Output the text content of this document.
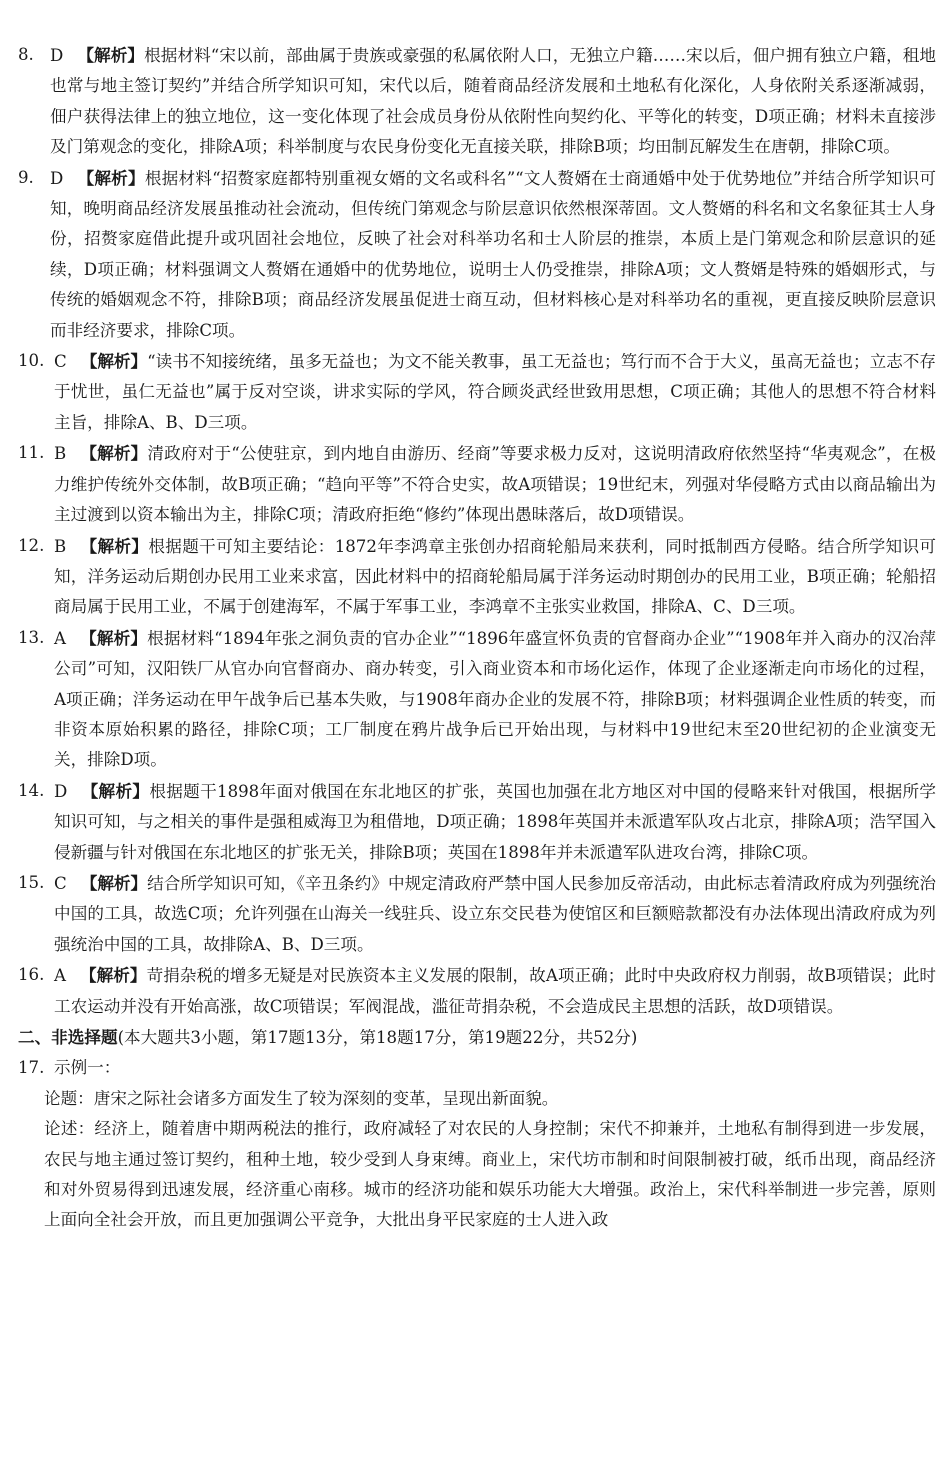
8. D 【解析】根据材料“宋以前，部曲属于贵族或豪强的私属依附人口，无独立户籍……宋以后，佃户拥有独立户籍，租地也常与地主签订契约”并结合所学知识可知，宋代以后，随着商品经济发展和土地私有化深化，人身依附关系逐渐减弱，佃户获得法律上的独立地位，这一变化体现了社会成员身份从依附性向契约化、平等化的转变，D项正确；材料未直接涉及门第观念的变化，排除A项；科举制度与农民身份变化无直接关联，排除B项；均田制瓦解发生在唐朝，排除C项。
9. D 【解析】根据材料“招赘家庭都特别重视女婿的文名或科名”“文人赘婿在士商通婚中处于优势地位”并结合所学知识可知，晚明商品经济发展虽推动社会流动，但传统门第观念与阶层意识依然根深蒂固。文人赘婿的科名和文名象征其士人身份，招赘家庭借此提升或巩固社会地位，反映了社会对科举功名和士人阶层的推崇，本质上是门第观念和阶层意识的延续，D项正确；材料强调文人赘婿在通婚中的优势地位，说明士人仍受推崇，排除A项；文人赘婿是特殊的婚姻形式，与传统的婚姻观念不符，排除B项；商品经济发展虽促进士商互动，但材料核心是对科举功名的重视，更直接反映阶层意识而非经济要求，排除C项。
10. C 【解析】“读书不知接统绪，虽多无益也；为文不能关教事，虽工无益也；笃行而不合于大义，虽高无益也；立志不存于忧世，虽仁无益也”属于反对空谈，讲求实际的学风，符合顾炎武经世致用思想，C项正确；其他人的思想不符合材料主旨，排除A、B、D三项。
11. B 【解析】清政府对于“公使驻京，到内地自由游历、经商”等要求极力反对，这说明清政府依然坚持“华夷观念”，在极力维护传统外交体制，故B项正确；“趋向平等”不符合史实，故A项错误；19世纪末，列强对华侵略方式由以商品输出为主过渡到以资本输出为主，排除C项；清政府拒绝“修约”体现出愚昧落后，故D项错误。
12. B 【解析】根据题干可知主要结论：1872年李鸿章主张创办招商轮船局来获利，同时抵制西方侵略。结合所学知识可知，洋务运动后期创办民用工业来求富，因此材料中的招商轮船局属于洋务运动时期创办的民用工业，B项正确；轮船招商局属于民用工业，不属于创建海军，不属于军事工业，李鸿章不主张实业救国，排除A、C、D三项。
13. A 【解析】根据材料“1894年张之洞负责的官办企业”“1896年盛宣怀负责的官督商办企业”“1908年并入商办的汉冶萍公司”可知，汉阳铁厂从官办向官督商办、商办转变，引入商业资本和市场化运作，体现了企业逐渐走向市场化的过程，A项正确；洋务运动在甲午战争后已基本失败，与1908年商办企业的发展不符，排除B项；材料强调企业性质的转变，而非资本原始积累的路径，排除C项；工厂制度在鸦片战争后已开始出现，与材料中19世纪末至20世纪初的企业演变无关，排除D项。
14. D 【解析】根据题干1898年面对俄国在东北地区的扩张，英国也加强在北方地区对中国的侵略来针对俄国，根据所学知识可知，与之相关的事件是强租威海卫为租借地，D项正确；1898年英国并未派遣军队攻占北京，排除A项；浩罕国入侵新疆与针对俄国在东北地区的扩张无关，排除B项；英国在1898年并未派遣军队进攻台湾，排除C项。
15. C 【解析】结合所学知识可知，《辛丑条约》中规定清政府严禁中国人民参加反帝活动，由此标志着清政府成为列强统治中国的工具，故选C项；允许列强在山海关一线驻兵、设立东交民巷为使馆区和巨额赔款都没有办法体现出清政府成为列强统治中国的工具，故排除A、B、D三项。
16. A 【解析】苛捐杂税的增多无疑是对民族资本主义发展的限制，故A项正确；此时中央政府权力削弱，故B项错误；此时工农运动并没有开始高涨，故C项错误；军阀混战，滥征苛捐杂税，不会造成民主思想的活跃，故D项错误。
二、非选择题(本大题共3小题，第17题13分，第18题17分，第19题22分，共52分)
17. 示例一：
论题：唐宋之际社会诸多方面发生了较为深刻的变革，呈现出新面貌。
论述：经济上，随着唐中期两税法的推行，政府减轻了对农民的人身控制；宋代不抑兼并，土地私有制得到进一步发展，农民与地主通过签订契约，租种土地，较少受到人身束缚。商业上，宋代坊市制和时间限制被打破，纸币出现，商品经济和对外贸易得到迅速发展，经济重心南移。城市的经济功能和娱乐功能大大增强。政治上，宋代科举制进一步完善，原则上面向全社会开放，而且更加强调公平竞争，大批出身平民家庭的士人进入政
